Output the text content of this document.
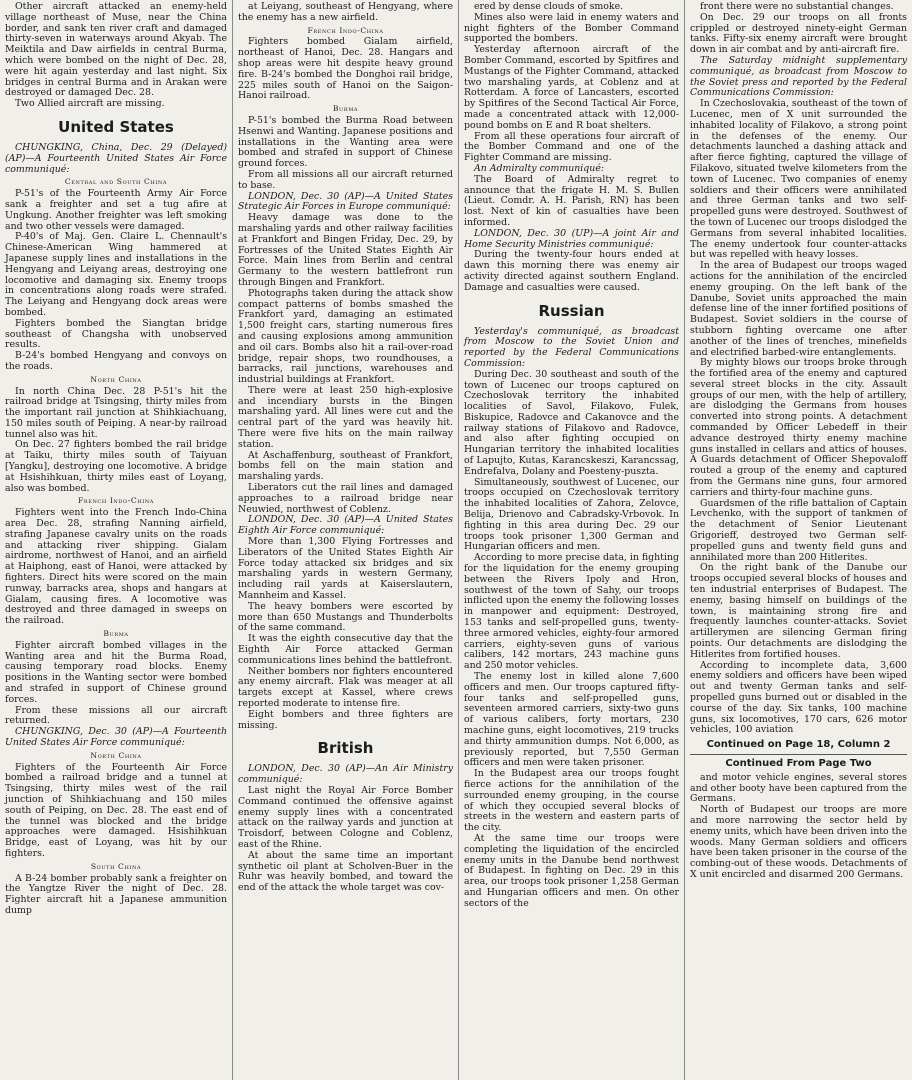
Other aircraft attacked an enemy-held village northeast of Muse, near the China border, and sank ten river craft and damaged thirty-seven in waterways around Akyab. The Meiktila and Daw airfields in central Burma, which were bombed on the night of Dec. 28, were hit again yesterday and last night. Six bridges in central Burma and in Arakan were destroyed or damaged Dec. 28.

Two Allied aircraft are missing.

United States

CHUNGKING, China, Dec. 29 (Delayed) (AP)—A Fourteenth United States Air Force communiqué:

Central and South China

P-51's of the Fourteenth Army Air Force sank a freighter and set a tug afire at Ungkung. Another freighter was left smoking and two other vessels were damaged.

P-40's of Maj. Gen. Claire L. Chennault's Chinese-American Wing hammered at Japanese supply lines and installations in the Hengyang and Leiyang areas, destroying one locomotive and damaging six. Enemy troops in concentrations along roads were strafed. The Leiyang and Hengyang dock areas were bombed.

Fighters bombed the Siangtan bridge southeast of Changsha with unobserved results.

B-24's bombed Hengyang and convoys on the roads.

North China

In north China Dec. 28 P-51's hit the railroad bridge at Tsingsing, thirty miles from the important rail junction at Shihkiachuang, 150 miles south of Peiping. A near-by railroad tunnel also was hit.

On Dec. 27 fighters bombed the rail bridge at Taiku, thirty miles south of Taiyuan [Yangku], destroying one locomotive. A bridge at Hsishihkuan, thirty miles east of Loyang, also was bombed.

French Indo-China

Fighters went into the French Indo-China area Dec. 28, strafing Nanning airfield, strafing Japanese cavalry units on the roads and attacking river shipping. Gialam airdrome, northwest of Hanoi, and an airfield at Haiphong, east of Hanoi, were attacked by fighters. Direct hits were scored on the main runway, barracks area, shops and hangars at Gialam, causing fires. A locomotive was destroyed and three damaged in sweeps on the railroad.

Burma

Fighter aircraft bombed villages in the Wanting area and hit the Burma Road, causing temporary road blocks. Enemy positions in the Wanting sector were bombed and strafed in support of Chinese ground forces.

From these missions all our aircraft returned.

CHUNGKING, Dec. 30 (AP)—A Fourteenth United States Air Force communiqué:

North China

Fighters of the Fourteenth Air Force bombed a railroad bridge and a tunnel at Tsingsing, thirty miles west of the rail junction of Shihkiachuang and 150 miles south of Peiping, on Dec. 28. The east end of the tunnel was blocked and the bridge approaches were damaged. Hsishihkuan Bridge, east of Loyang, was hit by our fighters.

South China

A B-24 bomber probably sank a freighter on the Yangtze River the night of Dec. 28. Fighter aircraft hit a Japanese ammunition dump

at Leiyang, southeast of Hengyang, where the enemy has a new airfield.

French Indo-China

Fighters bombed Gialam airfield, northeast of Hanoi, Dec. 28. Hangars and shop areas were hit despite heavy ground fire. B-24's bombed the Donghoi rail bridge, 225 miles south of Hanoi on the Saigon-Hanoi railroad.

Burma

P-51's bombed the Burma Road between Hsenwi and Wanting. Japanese positions and installations in the Wanting area were bombed and strafed in support of Chinese ground forces.

From all missions all our aircraft returned to base.

LONDON, Dec. 30 (AP)—A United States Strategic Air Forces in Europe communiqué:

Heavy damage was done to the marshaling yards and other railway facilities at Frankfort and Bingen Friday, Dec. 29, by Fortresses of the United States Eighth Air Force. Main lines from Berlin and central Germany to the western battlefront run through Bingen and Frankfort.

Photographs taken during the attack show compact patterns of bombs smashed the Frankfort yard, damaging an estimated 1,500 freight cars, starting numerous fires and causing explosions among ammunition and oil cars. Bombs also hit a rail-over-road bridge, repair shops, two roundhouses, a barracks, rail junctions, warehouses and industrial buildings at Frankfort.

There were at least 250 high-explosive and incendiary bursts in the Bingen marshaling yard. All lines were cut and the central part of the yard was heavily hit. There were five hits on the main railway station.

At Aschaffenburg, southeast of Frankfort, bombs fell on the main station and marshaling yards.

Liberators cut the rail lines and damaged approaches to a railroad bridge near Neuwied, northwest of Coblenz.

LONDON, Dec. 30 (AP)—A United States Eighth Air Force communiqué:

More than 1,300 Flying Fortresses and Liberators of the United States Eighth Air Force today attacked six bridges and six marshaling yards in western Germany, including rail yards at Kaiserslautern, Mannheim and Kassel.

The heavy bombers were escorted by more than 650 Mustangs and Thunderbolts of the same command.

It was the eighth consecutive day that the Eighth Air Force attacked German communications lines behind the battlefront.

Neither bombers nor fighters encountered any enemy aircraft. Flak was meager at all targets except at Kassel, where crews reported moderate to intense fire.

Eight bombers and three fighters are missing.

British

LONDON, Dec. 30 (AP)—An Air Ministry communiqué:

Last night the Royal Air Force Bomber Command continued the offensive against enemy supply lines with a concentrated attack on the railway yards and junction at Troisdorf, between Cologne and Coblenz, east of the Rhine.

At about the same time an important synthetic oil plant at Scholven-Buer in the Ruhr was heavily bombed, and toward the end of the attack the whole target was cov-

ered by dense clouds of smoke.

Mines also were laid in enemy waters and night fighters of the Bomber Command supported the bombers.

Yesterday afternoon aircraft of the Bomber Command, escorted by Spitfires and Mustangs of the Fighter Command, attacked two marshaling yards, at Coblenz and at Rotterdam. A force of Lancasters, escorted by Spitfires of the Second Tactical Air Force, made a concentrated attack with 12,000-pound bombs on E and R boat shelters.

From all these operations four aircraft of the Bomber Command and one of the Fighter Command are missing.

An Admiralty communiqué:

The Board of Admiralty regret to announce that the frigate H. M. S. Bullen (Lieut. Comdr. A. H. Parish, RN) has been lost. Next of kin of casualties have been informed.

LONDON, Dec. 30 (UP)—A joint Air and Home Security Ministries communiqué:

During the twenty-four hours ended at dawn this morning there was enemy air activity directed against southern England. Damage and casualties were caused.

Russian

Yesterday's communiqué, as broadcast from Moscow to the Soviet Union and reported by the Federal Communications Commission:

During Dec. 30 southeast and south of the town of Lucenec our troops captured on Czechoslovak territory the inhabited localities of Savol, Filakovo, Fulek, Biskupice, Radovce and Cakanovce and the railway stations of Filakovo and Radovce, and also after fighting occupied on Hungarian territory the inhabited localities of Lapujto, Kutas, Karancskeszi, Karancssag, Endrefalva, Dolany and Poesteny-puszta.

Simultaneously, southwest of Lucenec, our troops occupied on Czechoslovak territory the inhabited localities of Zahora, Zelovce, Belija, Drienovo and Cabradsky-Vrbovok. In fighting in this area during Dec. 29 our troops took prisoner 1,300 German and Hungarian officers and men.

According to more precise data, in fighting for the liquidation for the enemy grouping between the Rivers Ipoly and Hron, southwest of the town of Sahy, our troops inflicted upon the enemy the following losses in manpower and equipment: Destroyed, 153 tanks and self-propelled guns, twenty-three armored vehicles, eighty-four armored carriers, eighty-seven guns of various calibers, 142 mortars, 243 machine guns and 250 motor vehicles.

The enemy lost in killed alone 7,600 officers and men. Our troops captured fifty-four tanks and self-propelled guns, seventeen armored carriers, sixty-two guns of various calibers, forty mortars, 230 machine guns, eight locomotives, 219 trucks and thirty ammunition dumps. Not 6,000, as previously reported, but 7,550 German officers and men were taken prisoner.

In the Budapest area our troops fought fierce actions for the annihilation of the surrounded enemy grouping, in the course of which they occupied several blocks of streets in the western and eastern parts of the city.

At the same time our troops were completing the liquidation of the encircled enemy units in the Danube bend northwest of Budapest. In fighting on Dec. 29 in this area, our troops took prisoner 1,258 German and Hungarian officers and men. On other sectors of the

front there were no substantial changes.

On Dec. 29 our troops on all fronts crippled or destroyed ninety-eight German tanks. Fifty-six enemy aircraft were brought down in air combat and by anti-aircraft fire.

The Saturday midnight supplementary communiqué, as broadcast from Moscow to the Soviet press and reported by the Federal Communications Commission:

In Czechoslovakia, southeast of the town of Lucenec, men of X unit surrounded the inhabited locality of Filakovo, a strong point in the defenses of the enemy. Our detachments launched a dashing attack and after fierce fighting, captured the village of Filakovo, situated twelve kilometers from the town of Lucenec. Two companies of enemy soldiers and their officers were annihilated and three German tanks and two self-propelled guns were destroyed. Southwest of the town of Lucenec our troops dislodged the Germans from several inhabited localities. The enemy undertook four counter-attacks but was repelled with heavy losses.

In the area of Budapest our troops waged actions for the annihilation of the encircled enemy grouping. On the left bank of the Danube, Soviet units approached the main defense line of the inner fortified positions of Budapest. Soviet soldiers in the course of stubborn fighting overcame one after another of the lines of trenches, minefields and electrified barbed-wire entanglements.

By mighty blows our troops broke through the fortified area of the enemy and captured several street blocks in the city. Assault groups of our men, with the help of artillery, are dislodging the Germans from houses converted into strong points. A detachment commanded by Officer Lebedeff in their advance destroyed thirty enemy machine guns installed in cellars and attics of houses. A Guards detachment of Officer Shepovaloff routed a group of the enemy and captured from the Germans nine guns, four armored carriers and thirty-four machine guns.

Guardsmen of the rifle battalion of Captain Levchenko, with the support of tankmen of the detachment of Senior Lieutenant Grigorieff, destroyed two German self-propelled guns and twenty field guns and annihilated more than 200 Hitlerites.

On the right bank of the Danube our troops occupied several blocks of houses and ten industrial enterprises of Budapest. The enemy, basing himself on buildings of the town, is maintaining strong fire and frequently launches counter-attacks. Soviet artillerymen are silencing German firing points. Our detachments are dislodging the Hitlerites from fortified houses.

According to incomplete data, 3,600 enemy soldiers and officers have been wiped out and twenty German tanks and self-propelled guns burned out or disabled in the course of the day. Six tanks, 100 machine guns, six locomotives, 170 cars, 626 motor vehicles, 100 aviation

Continued on Page 18, Column 2
Continued From Page Two

and motor vehicle engines, several stores and other booty have been captured from the Germans.

North of Budapest our troops are more and more narrowing the sector held by enemy units, which have been driven into the woods. Many German soldiers and officers have been taken prisoner in the course of the combing-out of these woods. Detachments of X unit encircled and disarmed 200 Germans.
